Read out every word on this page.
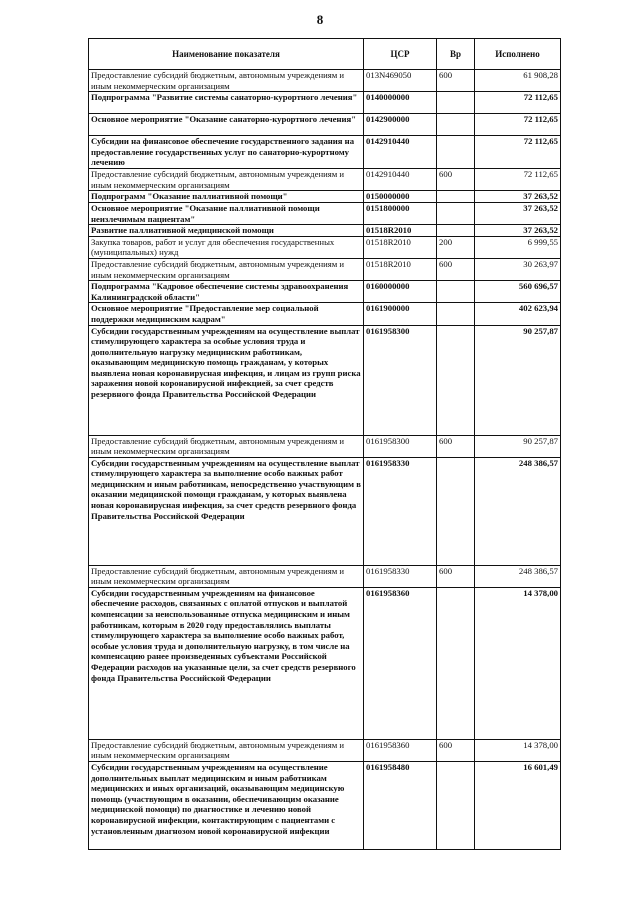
8
Наименование показателя	ЦСР	Вр	Исполнено
Предоставление субсидий бюджетным, автономным учреждениям и иным некоммерческим организациям	013N469050	600	61 908,28
Подпрограмма "Развитие системы санаторно-курортного лечения"	0140000000		72 112,65
Основное мероприятие "Оказание санаторно-курортного лечения"	0142900000		72 112,65
Субсидии на финансовое обеспечение государственного задания на предоставление государственных услуг по санаторно-курортному лечению	0142910440		72 112,65
Предоставление субсидий бюджетным, автономным учреждениям и иным некоммерческим организациям	0142910440	600	72 112,65
Подпрограмм "Оказание паллиативной помощи"	0150000000		37 263,52
Основное мероприятие "Оказание паллиативной помощи неизлечимым пациентам"	0151800000		37 263,52
Развитие паллиативной медицинской помощи	01518R2010		37 263,52
Закупка товаров, работ и услуг для обеспечения государственных (муниципальных) нужд	01518R2010	200	6 999,55
Предоставление субсидий бюджетным, автономным учреждениям и иным некоммерческим организациям	01518R2010	600	30 263,97
Подпрограмма "Кадровое обеспечение системы здравоохранения Калининградской области"	0160000000		560 696,57
Основное мероприятие "Предоставление мер социальной поддержки медицинским кадрам"	0161900000		402 623,94
Субсидии государственным учреждениям на осуществление выплат стимулирующего характера за особые условия труда и дополнительную нагрузку медицинским работникам, оказывающим медицинскую помощь гражданам, у которых выявлена новая коронавирусная инфекция, и лицам из групп риска заражения новой коронавирусной инфекцией, за счет средств резервного фонда Правительства Российской Федерации	0161958300		90 257,87
Предоставление субсидий бюджетным, автономным учреждениям и иным некоммерческим организациям	0161958300	600	90 257,87
Субсидии государственным учреждениям на осуществление выплат стимулирующего характера за выполнение особо важных работ медицинским и иным работникам, непосредственно участвующим в оказании медицинской помощи гражданам, у которых выявлена новая коронавирусная инфекция, за счет средств резервного фонда Правительства Российской Федерации	0161958330		248 386,57
Предоставление субсидий бюджетным, автономным учреждениям и иным некоммерческим организациям	0161958330	600	248 386,57
Субсидии государственным учреждениям на финансовое обеспечение расходов, связанных с оплатой отпусков и выплатой компенсации за неиспользованные отпуска медицинским и иным работникам, которым в 2020 году предоставлялись выплаты стимулирующего характера за выполнение особо важных работ, особые условия труда и дополнительную нагрузку, в том числе на компенсацию ранее произведенных субъектами Российской Федерации расходов на указанные цели, за счет средств резервного фонда Правительства Российской Федерации	0161958360		14 378,00
Предоставление субсидий бюджетным, автономным учреждениям и иным некоммерческим организациям	0161958360	600	14 378,00
Субсидии государственным учреждениям на осуществление дополнительных выплат медицинским и иным работникам медицинских и иных организаций, оказывающим медицинскую помощь (участвующим в оказании, обеспечивающим оказание медицинской помощи) по диагностике и лечению новой коронавирусной инфекции, контактирующим с пациентами с установленным диагнозом новой коронавирусной инфекции	0161958480		16 601,49
